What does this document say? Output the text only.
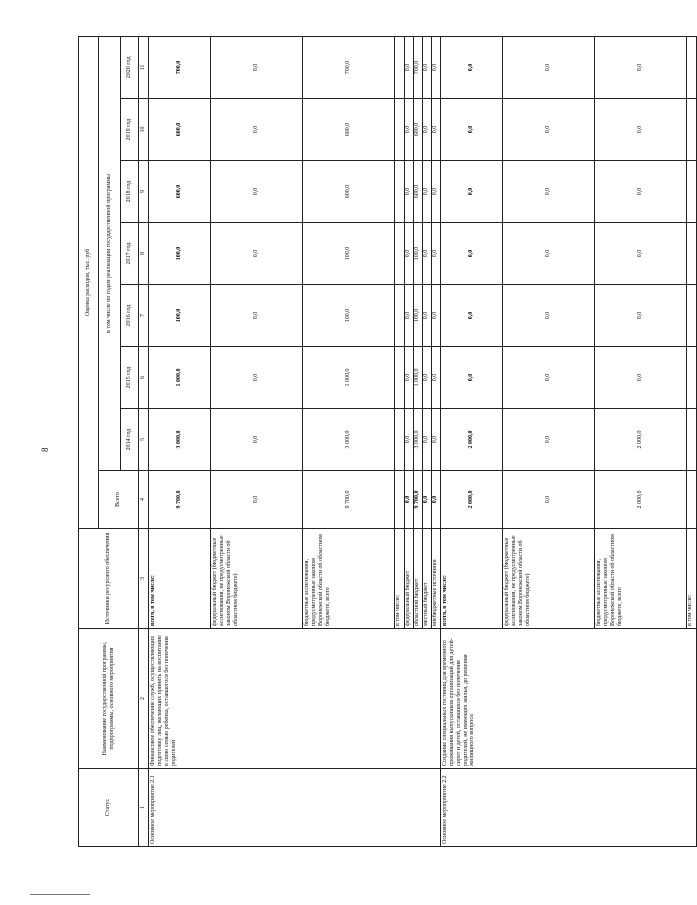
8
Статус	Наименование государственной программы, подпрограммы, основного мероприятия	Источники ресурсного обеспечения	Оценка расходов, тыс. руб							
			Всего	в том числе по годам реализации государственной программы						
				2014 год	2015 год	2016 год	2017 год	2018 год	2019 год	2020 год
1	2	3	4	5	6	7	8	9	10	11
Основное мероприятие 2.1	Финансовое обеспечение служб, осуществляющих подготовку лиц, желающих принять на воспитание в свою семью ребенка, оставшегося без попечения родителей	всего, в том числе:	9 700,0	3 000,0	1 000,0	100,0	100,0	600,0	600,0	700,0
		федеральный бюджет (бюджетные ассигнования, не предусмотренные законом Воронежской области об областном бюджете)	0,0	0,0	0,0	0,0	0,0	0,0	0,0	0,0
		бюджетные ассигнования, предусмотренные законом Воронежской области об областном бюджете, всего	9 700,0	3 000,0	1 000,0	100,0	100,0	600,0	600,0	700,0
		в том числе:								
		федеральный бюджет	0,0	0,0	0,0	0,0	0,0	0,0	0,0	0,0
		областной бюджет	9 700,0	3 000,0	1 000,0	100,0	100,0	600,0	600,0	700,0
		местный бюджет	0,0	0,0	0,0	0,0	0,0	0,0	0,0	0,0
		внебюджетные источники	0,0	0,0	0,0	0,0	0,0	0,0	0,0	0,0
Основное мероприятие 2.2	Создание специальных гостиниц для временного проживания выпускников организаций для детей-сирот и детей, оставшихся без попечения родителей, не имеющих жилья, до решения жилищного вопроса	всего, в том числе:	2 000,0	2 000,0	0,0	0,0	0,0	0,0	0,0	0,0
		федеральный бюджет (бюджетные ассигнования, не предусмотренные законом Воронежской области об областном бюджете)	0,0	0,0	0,0	0,0	0,0	0,0	0,0	0,0
		бюджетные ассигнования, предусмотренные законом Воронежской области об областном бюджете, всего	2 000,0	2 000,0	0,0	0,0	0,0	0,0	0,0	0,0
		в том числе:								
